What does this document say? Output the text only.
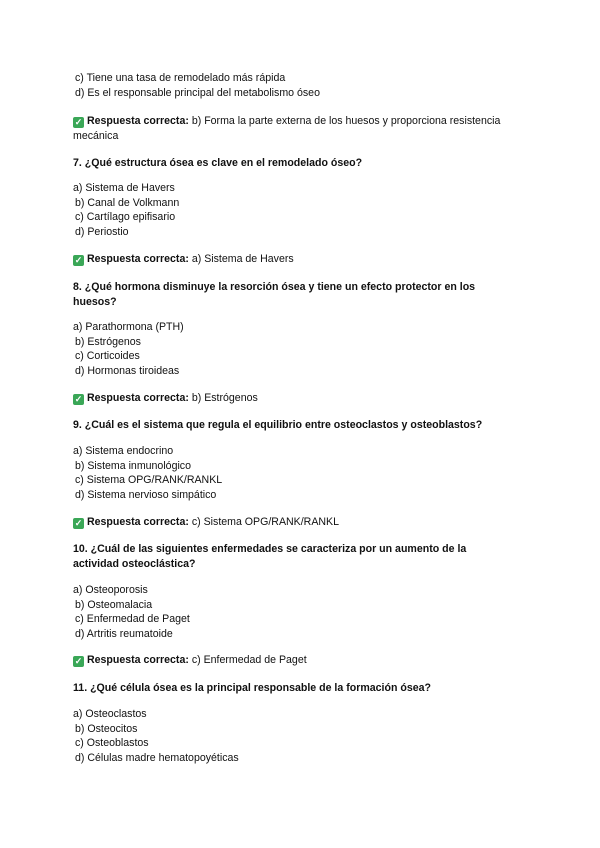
c) Tiene una tasa de remodelado más rápida
d) Es el responsable principal del metabolismo óseo
✓ Respuesta correcta: b) Forma la parte externa de los huesos y proporciona resistencia
mecánica
7. ¿Qué estructura ósea es clave en el remodelado óseo?
a) Sistema de Havers
b) Canal de Volkmann
c) Cartílago epifisario
d) Periostio
✓ Respuesta correcta: a) Sistema de Havers
8. ¿Qué hormona disminuye la resorción ósea y tiene un efecto protector en los
huesos?
a) Parathormona (PTH)
b) Estrógenos
c) Corticoides
d) Hormonas tiroideas
✓ Respuesta correcta: b) Estrógenos
9. ¿Cuál es el sistema que regula el equilibrio entre osteoclastos y osteoblastos?
a) Sistema endocrino
b) Sistema inmunológico
c) Sistema OPG/RANK/RANKL
d) Sistema nervioso simpático
✓ Respuesta correcta: c) Sistema OPG/RANK/RANKL
10. ¿Cuál de las siguientes enfermedades se caracteriza por un aumento de la
actividad osteoclástica?
a) Osteoporosis
b) Osteomalacia
c) Enfermedad de Paget
d) Artritis reumatoide
✓ Respuesta correcta: c) Enfermedad de Paget
11. ¿Qué célula ósea es la principal responsable de la formación ósea?
a) Osteoclastos
b) Osteocitos
c) Osteoblastos
d) Células madre hematopoyéticas
